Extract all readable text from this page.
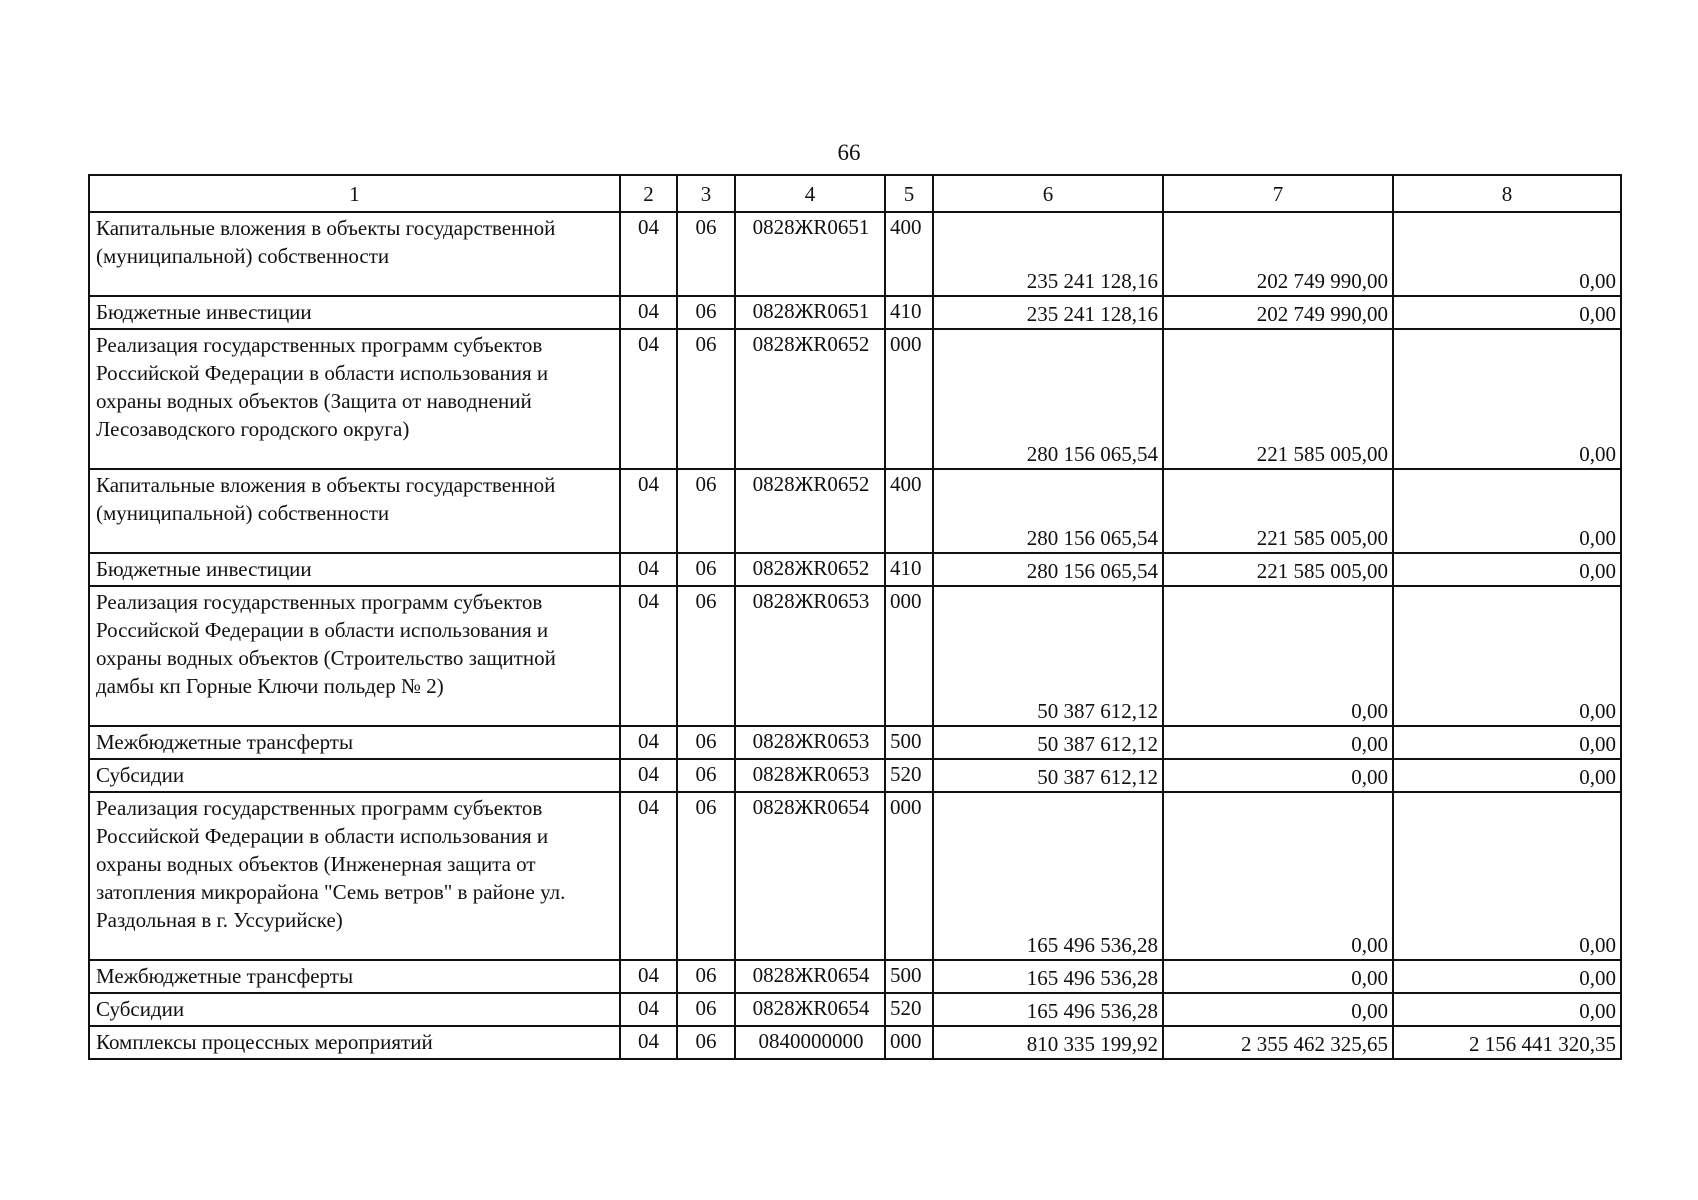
66
1	2	3	4	5	6	7	8
Капитальные вложения в объекты государственной (муниципальной) собственности	04	06	0828ЖR0651	400	235 241 128,16	202 749 990,00	0,00
Бюджетные инвестиции	04	06	0828ЖR0651	410	235 241 128,16	202 749 990,00	0,00
Реализация государственных программ субъектов Российской Федерации в области использования и охраны водных объектов (Защита от наводнений Лесозаводского городского округа)	04	06	0828ЖR0652	000	280 156 065,54	221 585 005,00	0,00
Капитальные вложения в объекты государственной (муниципальной) собственности	04	06	0828ЖR0652	400	280 156 065,54	221 585 005,00	0,00
Бюджетные инвестиции	04	06	0828ЖR0652	410	280 156 065,54	221 585 005,00	0,00
Реализация государственных программ субъектов Российской Федерации в области использования и охраны водных объектов (Строительство защитной дамбы кп Горные Ключи польдер № 2)	04	06	0828ЖR0653	000	50 387 612,12	0,00	0,00
Межбюджетные трансферты	04	06	0828ЖR0653	500	50 387 612,12	0,00	0,00
Субсидии	04	06	0828ЖR0653	520	50 387 612,12	0,00	0,00
Реализация государственных программ субъектов Российской Федерации в области использования и охраны водных объектов (Инженерная защита от затопления микрорайона "Семь ветров" в районе ул. Раздольная в г. Уссурийске)	04	06	0828ЖR0654	000	165 496 536,28	0,00	0,00
Межбюджетные трансферты	04	06	0828ЖR0654	500	165 496 536,28	0,00	0,00
Субсидии	04	06	0828ЖR0654	520	165 496 536,28	0,00	0,00
Комплексы процессных мероприятий	04	06	0840000000	000	810 335 199,92	2 355 462 325,65	2 156 441 320,35
